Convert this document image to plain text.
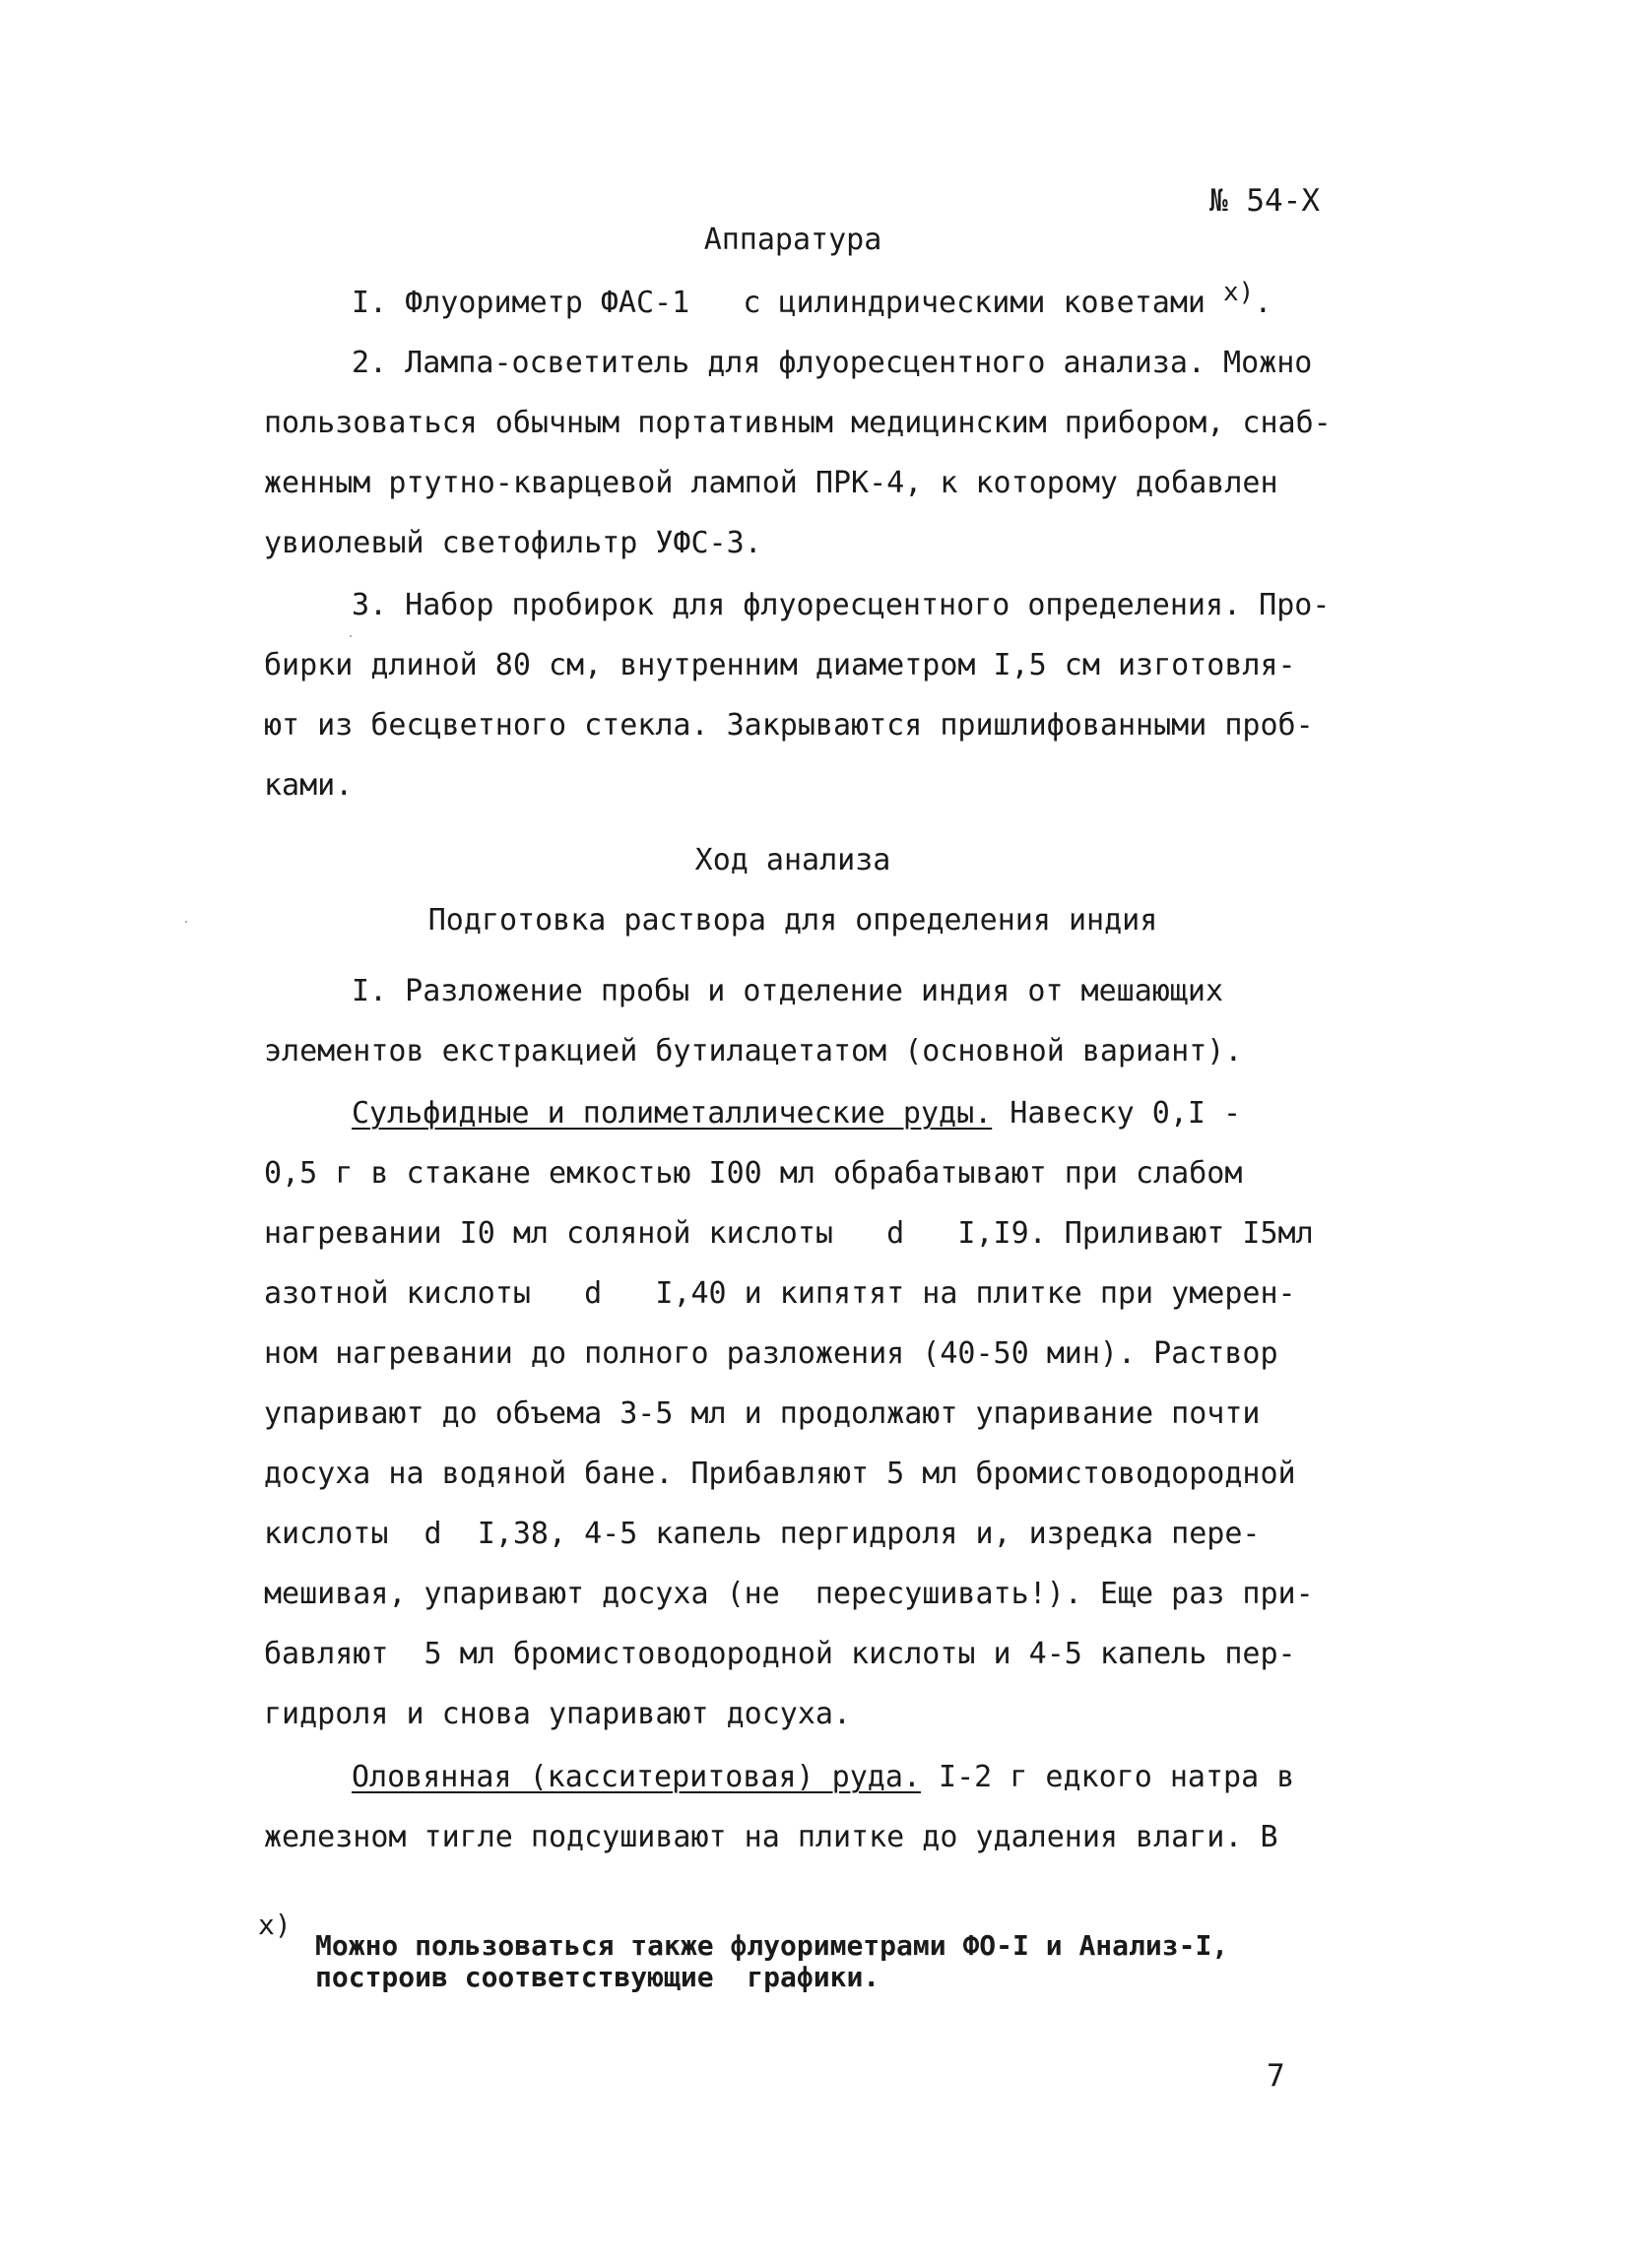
№ 54-X
Аппаратура
I. Флуориметр ФАС-1   с цилиндрическими ковeтами x).
2. Лампа-осветитель для флуоресцентного анализа. Можно
пользоваться обычным портативным медицинским прибором, снаб-
женным ртутно-кварцевой лампой ПРК-4, к которому добавлен
увиолевый светофильтр УФС-3.
3. Набор пробирок для флуоресцентного определения. Про-
бирки длиной 80 см, внутренним диаметром I,5 см изготовля-
ют из бесцветного стекла. Закрываются пришлифованными проб-
ками.
Ход анализа
Подготовка раствора для определения индия
I. Разложение пробы и отделение индия от мешающих
элементов екстракцией бутилацетатом (основной вариант).
Сульфидные и полиметаллические руды. Навеску 0,I -
0,5 г в стакане емкостью I00 мл обрабатывают при слабом
нагревании I0 мл соляной кислоты   d   I,I9. Приливают I5мл
азотной кислоты   d   I,40 и кипятят на плитке при умерен-
ном нагревании до полного разложения (40-50 мин). Раствор
упаривают до объема 3-5 мл и продолжают упаривание почти
досуха на водяной бане. Прибавляют 5 мл бромистоводородной
кислоты  d  I,38, 4-5 капель пергидроля и, изредка пере-
мешивая, упаривают досуха (не  пересушивать!). Еще раз при-
бавляют  5 мл бромистоводородной кислоты и 4-5 капель пер-
гидроля и снова упаривают досуха.
Оловянная (касситеритовая) руда. I-2 г едкого натра в
железном тигле подсушивают на плитке до удаления влаги. В
x)
Можно пользоваться также флуориметрами ФО-I и Анализ-I,
построив соответствующие  графики.
7
